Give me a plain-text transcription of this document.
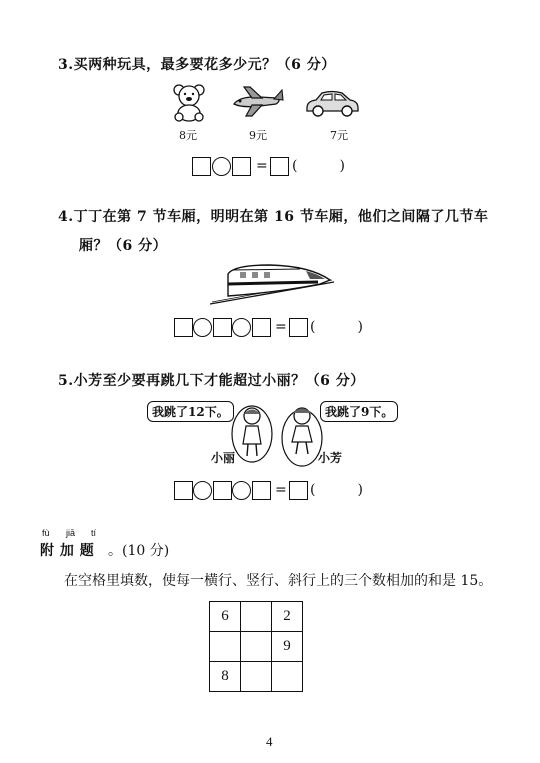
3.买两种玩具，最多要花多少元？（6 分）
8元	9元	7元
= (　　　)
4.丁丁在第 7 节车厢，明明在第 16 节车厢，他们之间隔了几节车
厢？（6 分）
= (　　　)
5.小芳至少要再跳几下才能超过小丽？（6 分）
我跳了12下。	我跳了9下。
小丽	小芳
= (　　　)
fù jiā tí
附 加 题 。(10 分)
在空格里填数，使每一横行、竖行、斜行上的三个数相加的和是 15。
6		2
		9
8		
4
